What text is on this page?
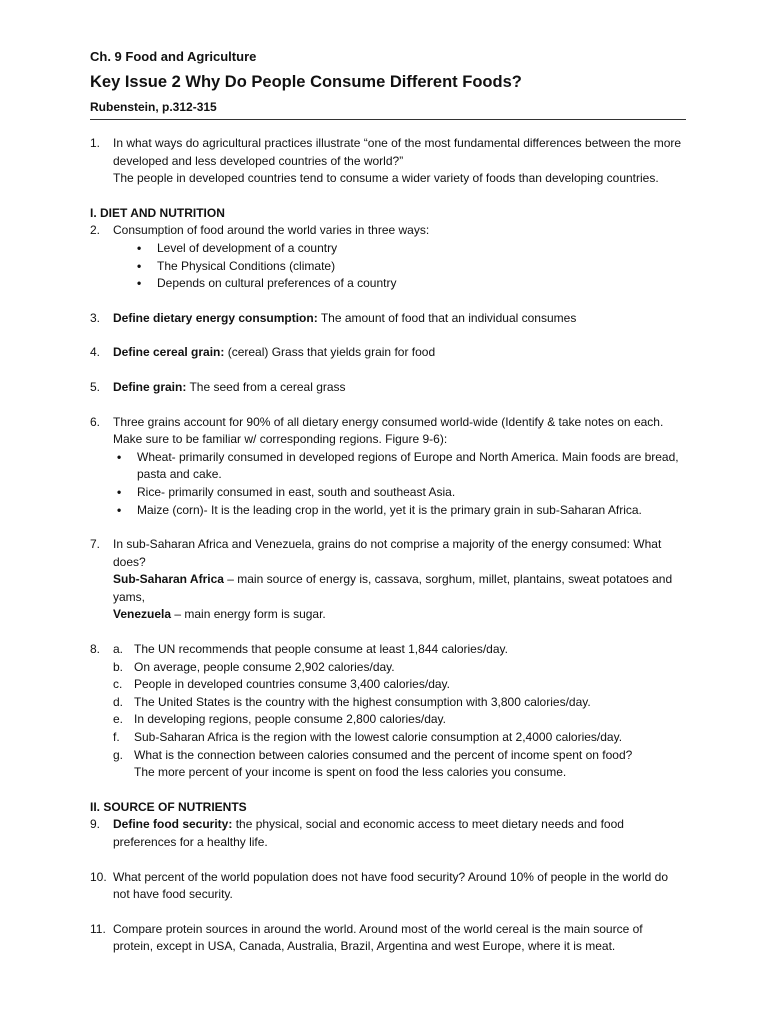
Ch. 9 Food and Agriculture

Key Issue 2 Why Do People Consume Different Foods?

Rubenstein, p.312-315

1. In what ways do agricultural practices illustrate “one of the most fundamental differences between the more developed and less developed countries of the world?”
The people in developed countries tend to consume a wider variety of foods than developing countries.
I. DIET AND NUTRITION
2. Consumption of food around the world varies in three ways:
• Level of development of a country
• The Physical Conditions (climate)
• Depends on cultural preferences of a country
3. Define dietary energy consumption: The amount of food that an individual consumes
4. Define cereal grain: (cereal) Grass that yields grain for food
5. Define grain: The seed from a cereal grass
6. Three grains account for 90% of all dietary energy consumed world-wide (Identify & take notes on each. Make sure to be familiar w/ corresponding regions. Figure 9-6):
• Wheat- primarily consumed in developed regions of Europe and North America. Main foods are bread, pasta and cake.
• Rice- primarily consumed in east, south and southeast Asia.
• Maize (corn)- It is the leading crop in the world, yet it is the primary grain in sub-Saharan Africa.
7. In sub-Saharan Africa and Venezuela, grains do not comprise a majority of the energy consumed: What does?
Sub-Saharan Africa – main source of energy is, cassava, sorghum, millet, plantains, sweat potatoes and yams,
Venezuela – main energy form is sugar.
8. a. The UN recommends that people consume at least 1,844 calories/day.
b. On average, people consume 2,902 calories/day.
c. People in developed countries consume 3,400 calories/day.
d. The United States is the country with the highest consumption with 3,800 calories/day.
e. In developing regions, people consume 2,800 calories/day.
f. Sub-Saharan Africa is the region with the lowest calorie consumption at 2,4000 calories/day.
g. What is the connection between calories consumed and the percent of income spent on food?
The more percent of your income is spent on food the less calories you consume.
II. SOURCE OF NUTRIENTS
9. Define food security: the physical, social and economic access to meet dietary needs and food preferences for a healthy life.
10. What percent of the world population does not have food security? Around 10% of people in the world do not have food security.
11. Compare protein sources in around the world. Around most of the world cereal is the main source of protein, except in USA, Canada, Australia, Brazil, Argentina and west Europe, where it is meat.
